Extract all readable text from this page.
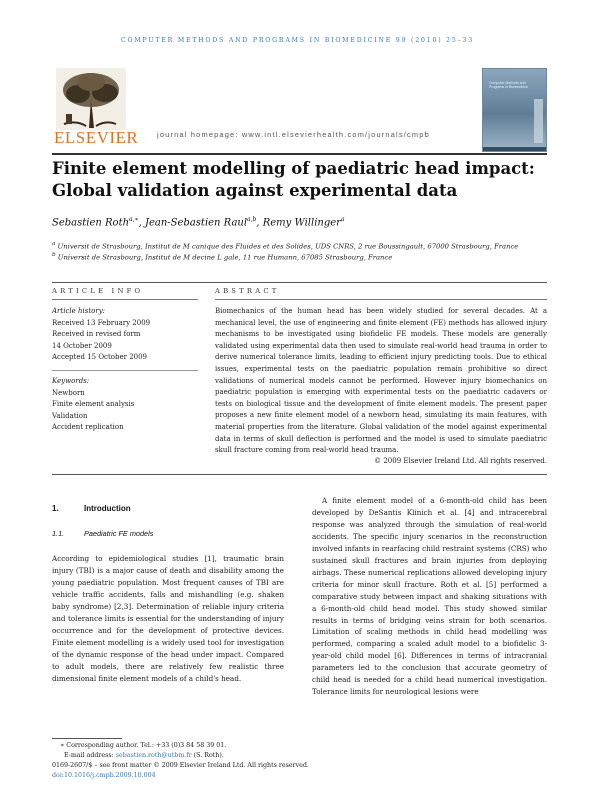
COMPUTER METHODS AND PROGRAMS IN BIOMEDICINE 99 (2010) 25–33
ELSEVIER	journal homepage: www.intl.elsevierhealth.com/journals/cmpb
Computer Methods and Programs in Biomedicine
Finite element modelling of paediatric head impact: Global validation against experimental data
Sebastien Roth$^{a,∗}$, Jean-Sebastien Raul$^{a,b}$, Remy Willinger$^a$
$^a$ Universit de Strasbourg, Institut de M canique des Fluides et des Solides, UDS CNRS, 2 rue Boussingault, 67000 Strasbourg, France
$^b$ Universit de Strasbourg, Institut de M decine L gale, 11 rue Humann, 67085 Strasbourg, France
ARTICLE INFO
Article history:
Received 13 February 2009
Received in revised form
14 October 2009
Accepted 15 October 2009
Keywords:
Newborn
Finite element analysis
Validation
Accident replication
ABSTRACT
Biomechanics of the human head has been widely studied for several decades. At a mechanical level, the use of engineering and finite element (FE) methods has allowed injury mechanisms to be investigated using biofidelic FE models. These models are generally validated using experimental data then used to simulate real-world head trauma in order to derive numerical tolerance limits, leading to efficient injury predicting tools. Due to ethical issues, experimental tests on the paediatric population remain prohibitive so direct validations of numerical models cannot be performed. However injury biomechanics on paediatric population is emerging with experimental tests on the paediatric cadavers or tests on biological tissue and the development of finite element models. The present paper proposes a new finite element model of a newborn head, simulating its main features, with material properties from the literature. Global validation of the model against experimental data in terms of skull deflection is performed and the model is used to simulate paediatric skull fracture coming from real-world head trauma.
© 2009 Elsevier Ireland Ltd. All rights reserved.
1.	Introduction
1.1.	Paediatric FE models
According to epidemiological studies [1], traumatic brain injury (TBI) is a major cause of death and disability among the young paediatric population. Most frequent causes of TBI are vehicle traffic accidents, falls and mishandling (e.g. shaken baby syndrome) [2,3]. Determination of reliable injury criteria and tolerance limits is essential for the understanding of injury occurrence and for the development of protective devices. Finite element modelling is a widely used tool for investigation of the dynamic response of the head under impact. Compared to adult models, there are relatively few realistic three dimensional finite element models of a child's head.
A finite element model of a 6-month-old child has been developed by DeSantis Klinich et al. [4] and intracerebral response was analyzed through the simulation of real-world accidents. The specific injury scenarios in the reconstruction involved infants in rearfacing child restraint systems (CRS) who sustained skull fractures and brain injuries from deploying airbags. These numerical replications allowed developing injury criteria for minor skull fracture. Roth et al. [5] performed a comparative study between impact and shaking situations with a 6-month-old child head model. This study showed similar results in terms of bridging veins strain for both scenarios. Limitation of scaling methods in child head modelling was performed, comparing a scaled adult model to a biofidelic 3-year-old child model [6]. Differences in terms of intracranial parameters led to the conclusion that accurate geometry of child head is needed for a child head numerical investigation. Tolerance limits for neurological lesions were
∗ Corresponding author. Tel.: +33 (0)3 84 58 39 01.
E-mail address: sebastien.roth@utbm.fr (S. Roth).
0169-2607/$ – see front matter © 2009 Elsevier Ireland Ltd. All rights reserved.
doi:10.1016/j.cmpb.2009.10.004
